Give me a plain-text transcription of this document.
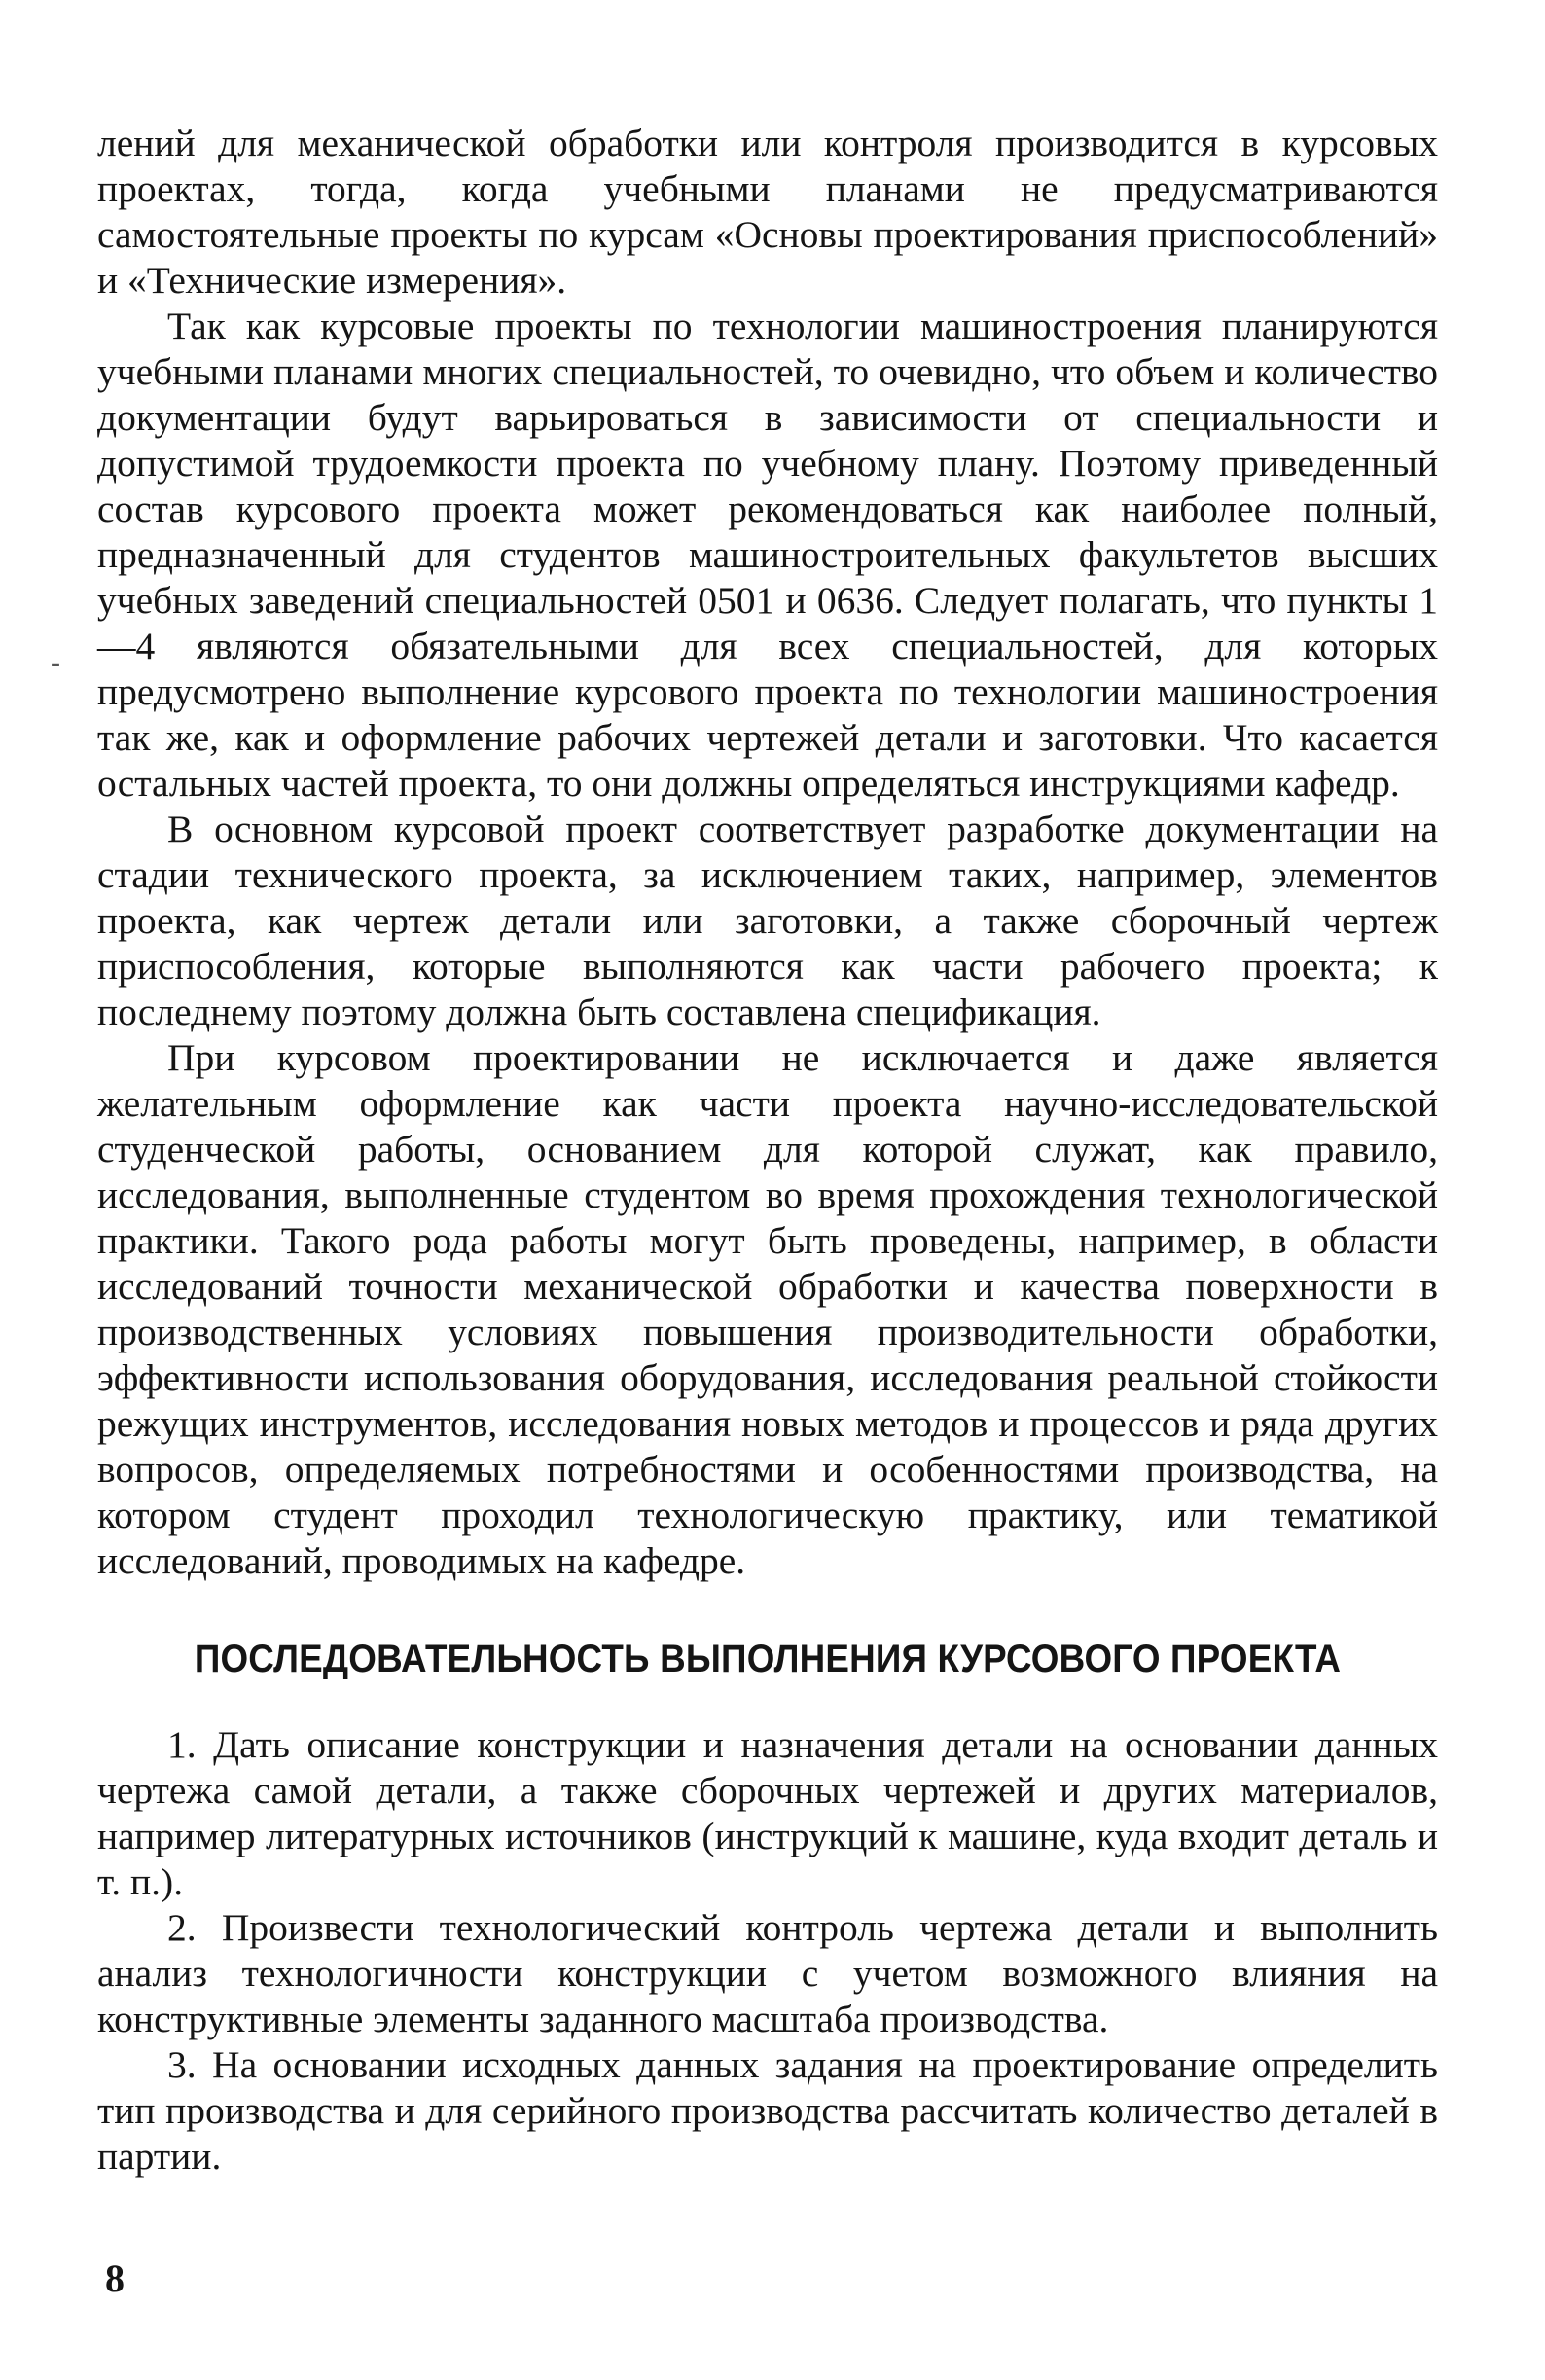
лений для механической обработки или контроля производится в курсовых проектах, тогда, когда учебными планами не предусматриваются самостоятельные проекты по курсам «Основы проектирования приспособлений» и «Технические измерения».

Так как курсовые проекты по технологии машиностроения планируются учебными планами многих специальностей, то очевидно, что объем и количество документации будут варьироваться в зависимости от специальности и допустимой трудоемкости проекта по учебному плану. Поэтому приведенный состав курсового проекта может рекомендоваться как наиболее полный, предназначенный для студентов машиностроительных факультетов высших учебных заведений специальностей 0501 и 0636. Следует полагать, что пункты 1—4 являются обязательными для всех специальностей, для которых предусмотрено выполнение курсового проекта по технологии машиностроения так же, как и оформление рабочих чертежей детали и заготовки. Что касается остальных частей проекта, то они должны определяться инструкциями кафедр.

В основном курсовой проект соответствует разработке документации на стадии технического проекта, за исключением таких, например, элементов проекта, как чертеж детали или заготовки, а также сборочный чертеж приспособления, которые выполняются как части рабочего проекта; к последнему поэтому должна быть составлена спецификация.

При курсовом проектировании не исключается и даже является желательным оформление как части проекта научно-исследовательской студенческой работы, основанием для которой служат, как правило, исследования, выполненные студентом во время прохождения технологической практики. Такого рода работы могут быть проведены, например, в области исследований точности механической обработки и качества поверхности в производственных условиях повышения производительности обработки, эффективности использования оборудования, исследования реальной стойкости режущих инструментов, исследования новых методов и процессов и ряда других вопросов, определяемых потребностями и особенностями производства, на котором студент проходил технологическую практику, или тематикой исследований, проводимых на кафедре.

ПОСЛЕДОВАТЕЛЬНОСТЬ ВЫПОЛНЕНИЯ КУРСОВОГО ПРОЕКТА

1. Дать описание конструкции и назначения детали на основании данных чертежа самой детали, а также сборочных чертежей и других материалов, например литературных источников (инструкций к машине, куда входит деталь и т. п.).

2. Произвести технологический контроль чертежа детали и выполнить анализ технологичности конструкции с учетом возможного влияния на конструктивные элементы заданного масштаба производства.

3. На основании исходных данных задания на проектирование определить тип производства и для серийного производства рассчитать количество деталей в партии.

-
8
